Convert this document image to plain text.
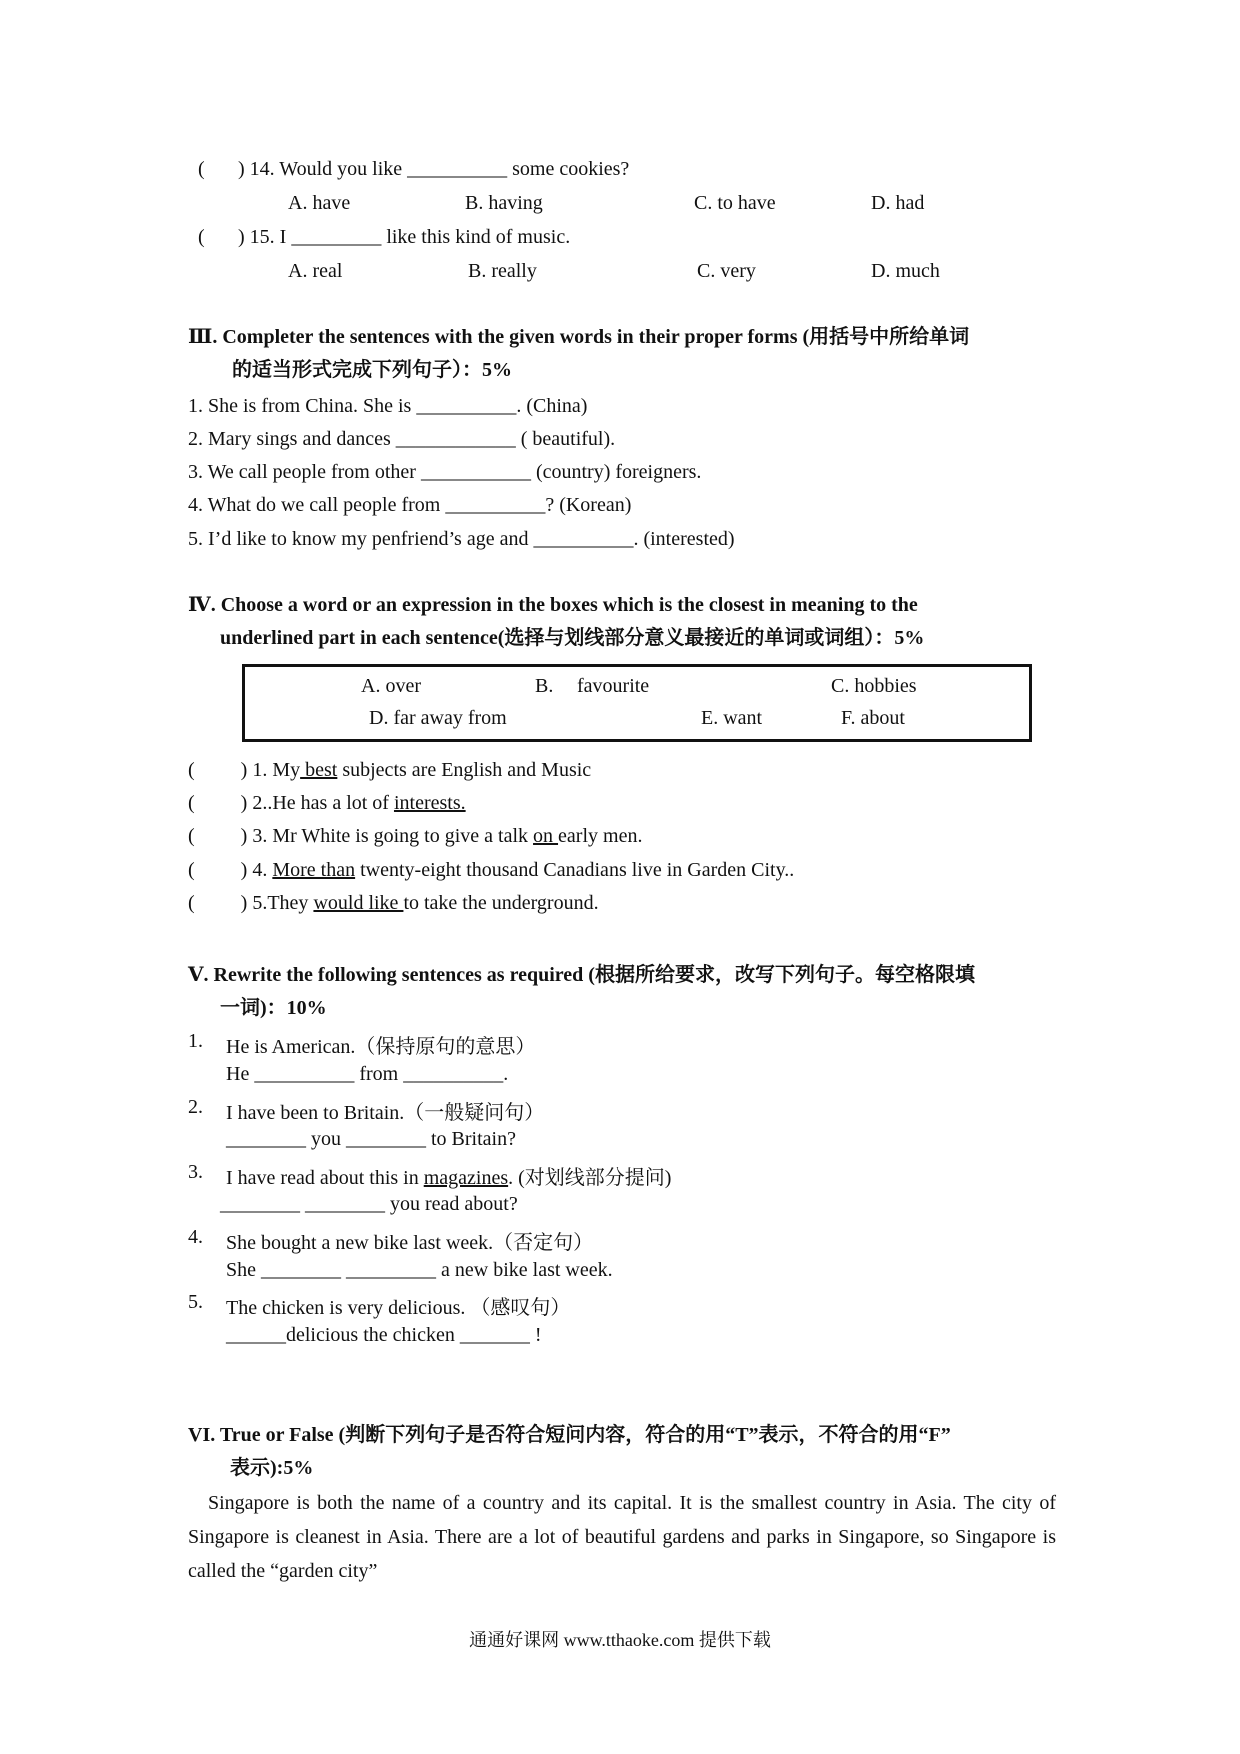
( ) 14. Would you like __________ some cookies?
A. have	B. having	C. to have	D. had
( ) 15. I _________ like this kind of music.
A. real	B. really	C. very	D. much
Ⅲ. Completer the sentences with the given words in their proper forms (用括号中所给单词
的适当形式完成下列句子）：5%
1. She is from China. She is __________. (China)
2. Mary sings and dances ____________ ( beautiful).
3. We call people from other ___________ (country) foreigners.
4. What do we call people from __________? (Korean)
5. I’d like to know my penfriend’s age and __________. (interested)
Ⅳ. Choose a word or an expression in the boxes which is the closest in meaning to the
underlined part in each sentence(选择与划线部分意义最接近的单词或词组）：5%
A. over	B. favourite	C. hobbies
D. far away from	E. want	F. about
( ) 1. My best subjects are English and Music
( ) 2..He has a lot of interests.
( ) 3. Mr White is going to give a talk on early men.
( ) 4. More than twenty-eight thousand Canadians live in Garden City..
( ) 5.They would like to take the underground.
Ⅴ. Rewrite the following sentences as required (根据所给要求，改写下列句子。每空格限填
一词)：10%
1. He is American.（保持原句的意思）
He __________ from __________.
2. I have been to Britain.（一般疑问句）
________ you ________ to Britain?
3. I have read about this in magazines. (对划线部分提问)
________ ________ you read about?
4. She bought a new bike last week.（否定句）
She ________ _________ a new bike last week.
5. The chicken is very delicious. （感叹句）
______delicious the chicken _______ !
VI. True or False (判断下列句子是否符合短问内容，符合的用“T”表示，不符合的用“F”
表示):5%
Singapore is both the name of a country and its capital. It is the smallest country in Asia. The city of Singapore is cleanest in Asia. There are a lot of beautiful gardens and parks in Singapore, so Singapore is called the “garden city”
通通好课网 www.tthaoke.com 提供下载
